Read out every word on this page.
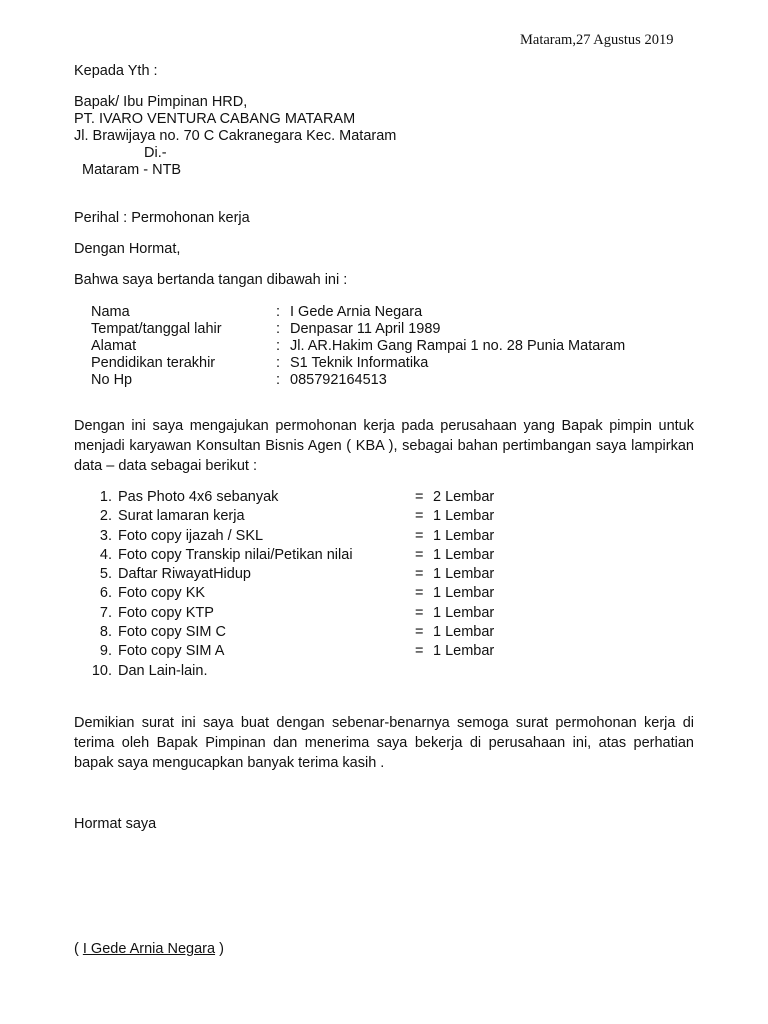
Mataram,27 Agustus 2019
Kepada Yth :
Bapak/ Ibu Pimpinan HRD,
PT. IVARO VENTURA CABANG MATARAM
Jl. Brawijaya no. 70 C Cakranegara Kec. Mataram
Di.-
Mataram - NTB
Perihal : Permohonan kerja
Dengan Hormat,
Bahwa saya bertanda tangan dibawah ini :
Nama	: I Gede Arnia Negara
Tempat/tanggal lahir	: Denpasar 11 April 1989
Alamat	: Jl. AR.Hakim Gang Rampai 1 no. 28 Punia Mataram
Pendidikan terakhir	: S1 Teknik Informatika
No Hp	: 085792164513
Dengan ini saya mengajukan permohonan kerja pada perusahaan yang Bapak pimpin untuk menjadi karyawan Konsultan Bisnis Agen ( KBA ), sebagai bahan pertimbangan saya lampirkan data – data sebagai berikut :
1. Pas Photo 4x6 sebanyak	= 2 Lembar
2. Surat lamaran kerja	= 1 Lembar
3. Foto copy ijazah / SKL	= 1 Lembar
4. Foto copy Transkip nilai/Petikan nilai	= 1 Lembar
5. Daftar RiwayatHidup	= 1 Lembar
6. Foto copy KK	= 1 Lembar
7. Foto copy KTP	= 1 Lembar
8. Foto copy SIM C	= 1 Lembar
9. Foto copy SIM A	= 1 Lembar
10. Dan Lain-lain.
Demikian surat ini saya buat dengan sebenar-benarnya semoga surat permohonan kerja di terima oleh Bapak Pimpinan dan menerima saya bekerja di perusahaan ini, atas perhatian bapak saya mengucapkan banyak terima kasih .
Hormat saya
( I Gede Arnia Negara )
